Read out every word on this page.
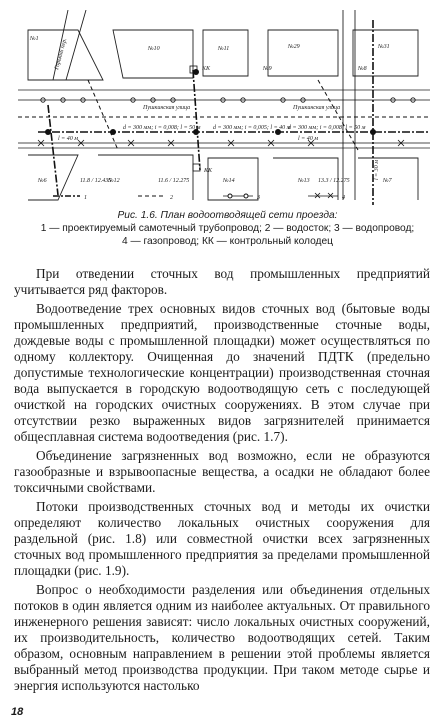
№1
№10	№11
№12	№13
№14
№29	№31
№6	№7
№8
№9
Пушкинская улица	Пушкинская улица
Горький пер.	КК
КК
d = 300 мм; i = 0,008; l = 50 м d = 300 мм; i = 0,005; l = 40 м
d = 300 мм; i = 0,008; l = 50 м
l = 40 м	l = 40 м
l = 30 м
11.8 / 12.435	11.6 / 12.275	13.3 / 12.275
1	2	3	4
Рис. 1.6. План водоотводящей сети проезда:
1 — проектируемый самотечный трубопровод; 2 — водосток; 3 — водопровод;
4 — газопровод; КК — контрольный колодец

При отведении сточных вод промышленных предприятий учитывается ряд факторов.

Водоотведение трех основных видов сточных вод (бытовые воды промышленных предприятий, производственные сточные воды, дождевые воды с промышленной площадки) может осуществляться по одному коллектору. Очищенная до значений ПДТК (предельно допустимые технологические концентрации) производственная сточная вода выпускается в городскую водоотводящую сеть с последующей очисткой на городских очистных сооружениях. В этом случае при отсутствии резко выраженных видов загрязнителей принимается общесплавная система водоотведения (рис. 1.7).

Объединение загрязненных вод возможно, если не образуются газообразные и взрывоопасные вещества, а осадки не обладают более токсичными свойствами.

Потоки производственных сточных вод и методы их очистки определяют количество локальных очистных сооружения для раздельной (рис. 1.8) или совместной очистки всех загрязненных сточных вод промышленного предприятия за пределами промышленной площадки (рис. 1.9).

Вопрос о необходимости разделения или объединения отдельных потоков в один является одним из наиболее актуальных. От правильного инженерного решения зависят: число локальных очистных сооружений, их производительность, количество водоотводящих сетей. Таким образом, основным направлением в решении этой проблемы является выбранный метод производства продукции. При таком методе сырье и энергия используются настолько

18
